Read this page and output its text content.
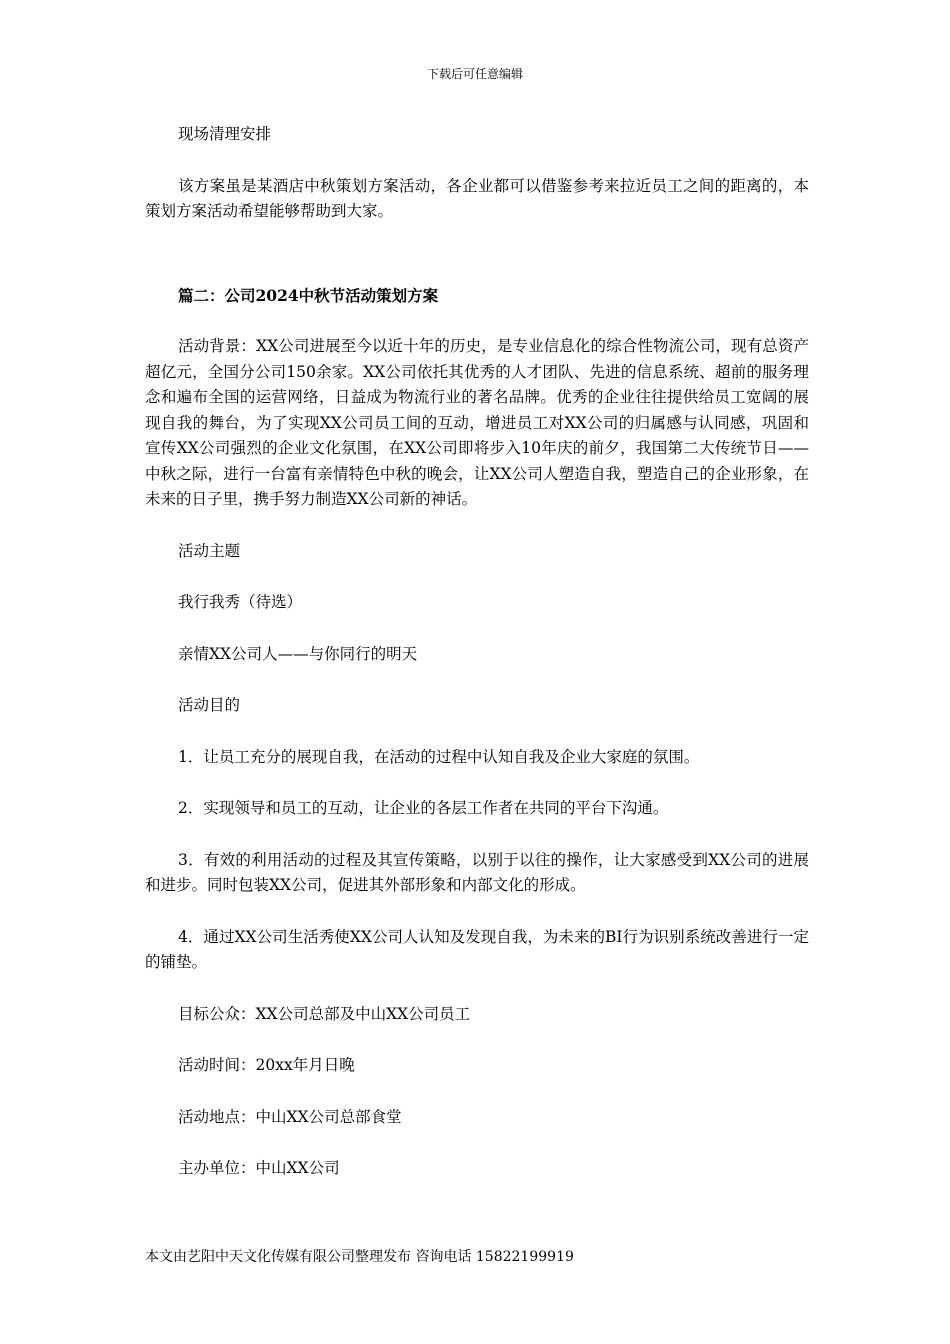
下载后可任意编辑

现场清理安排

该方案虽是某酒店中秋策划方案活动，各企业都可以借鉴参考来拉近员工之间的距离的，本策划方案活动希望能够帮助到大家。

篇二：公司2024中秋节活动策划方案

活动背景：XX公司进展至今以近十年的历史，是专业信息化的综合性物流公司，现有总资产超亿元，全国分公司150余家。XX公司依托其优秀的人才团队、先进的信息系统、超前的服务理念和遍布全国的运营网络，日益成为物流行业的著名品牌。优秀的企业往往提供给员工宽阔的展现自我的舞台，为了实现XX公司员工间的互动，增进员工对XX公司的归属感与认同感，巩固和宣传XX公司强烈的企业文化氛围，在XX公司即将步入10年庆的前夕，我国第二大传统节日——中秋之际，进行一台富有亲情特色中秋的晚会，让XX公司人塑造自我，塑造自己的企业形象，在未来的日子里，携手努力制造XX公司新的神话。

活动主题

我行我秀（待选）

亲情XX公司人——与你同行的明天

活动目的

1．让员工充分的展现自我，在活动的过程中认知自我及企业大家庭的氛围。

2．实现领导和员工的互动，让企业的各层工作者在共同的平台下沟通。

3．有效的利用活动的过程及其宣传策略，以别于以往的操作，让大家感受到XX公司的进展和进步。同时包装XX公司，促进其外部形象和内部文化的形成。

4．通过XX公司生活秀使XX公司人认知及发现自我，为未来的BI行为识别系统改善进行一定的铺垫。

目标公众：XX公司总部及中山XX公司员工

活动时间：20xx年月日晚

活动地点：中山XX公司总部食堂

主办单位：中山XX公司

本文由艺阳中天文化传媒有限公司整理发布 咨询电话 15822199919
